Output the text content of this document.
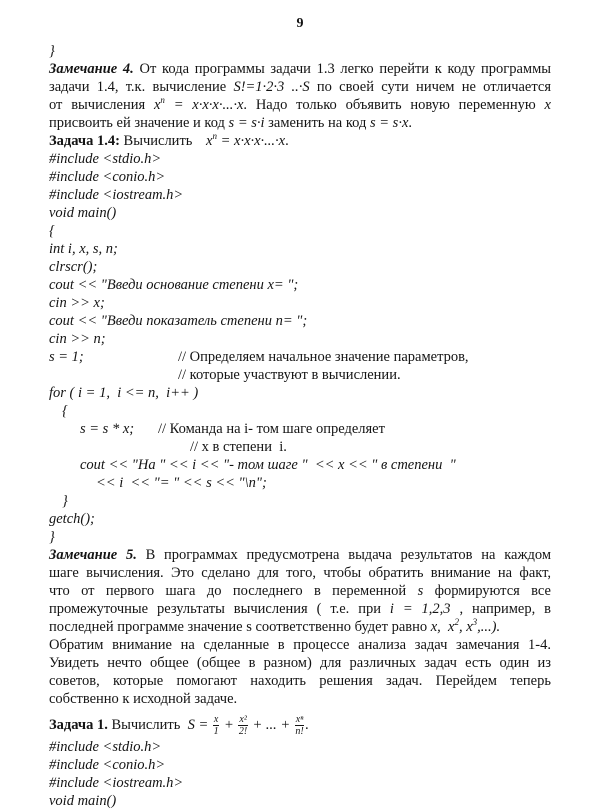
9
}
Замечание 4. От кода программы задачи 1.3 легко перейти к коду программы
задачи 1.4, т.к. вычисление S!=1·2·3 ..·S по своей сути ничем не отличается
от вычисления $x^n = x\cdot x\cdot x\cdot...\cdot x$. Надо только объявить новую переменную x
присвоить ей значение и код s = s·i заменить на код s = s·x.
Задача 1.4: Вычислить $x^n = x\cdot x\cdot x\cdot...\cdot x$.
#include <stdio.h>
#include <conio.h>
#include <iostream.h>
void main()
{
int i, x, s, n;
clrscr();
cout << "Введи основание степени x= ";
cin >> x;
cout << "Введи показатель степени n= ";
cin >> n;
s = 1;	// Определяем начальное значение параметров,
// которые участвуют в вычислении.
for ( i = 1,  i <= n,  i++ )
{
s = s * x; // Команда на i- том шаге определяет
// x в степени  i.
cout << "На " << i << "- том шаге "  << x << " в степени  "
<< i  << "= " << s << "\n";
}
getch();
}
Замечание 5. В программах предусмотрена выдача результатов на каждом
шаге вычисления. Это сделано для того, чтобы обратить внимание на факт,
что от первого шага до последнего в переменной s формируются все
промежуточные результаты вычисления ( т.е. при i = 1,2,3 , например, в
последней программе значение s соответственно будет равно x,  $x^2$, $x^3$,...).
Обратим внимание на сделанные в процессе анализа задач замечания 1-4.
Увидеть нечто общее (общее в разном) для различных задач есть один из
советов, которые помогают находить решения задач. Перейдем теперь
собственно к исходной задаче.
Задача 1. Вычислить  $S = \frac{x}{1} + \frac{\text{x²}}{2!}$ + ... + $\frac{\text{xⁿ}}{n!}$ .
#include <stdio.h>
#include <conio.h>
#include <iostream.h>
void main()
